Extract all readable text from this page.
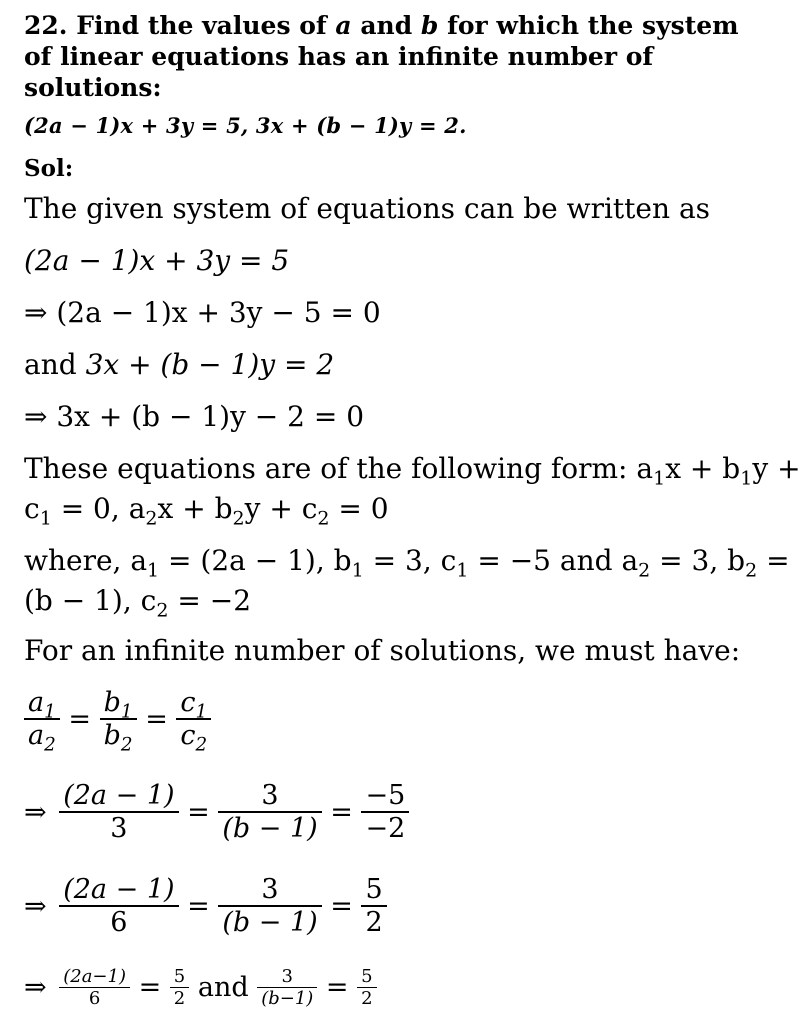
22. Find the values of a and b for which the system of linear equations has an infinite number of solutions:
(2a − 1)x + 3y = 5, 3x + (b − 1)y = 2.
Sol:
The given system of equations can be written as
(2a − 1)x + 3y = 5
⇒ (2a − 1)x + 3y − 5 = 0
and 3x + (b − 1)y = 2
⇒ 3x + (b − 1)y − 2 = 0
These equations are of the following form: $a_1x + b_1y$ +
$c_1 = 0$, $a_2x + b_2y + c_2 = 0$
where, $a_1 = (2a - 1)$, $b_1 = 3$, $c_1 = -5$ and $a_2 = 3$, $b_2$ =
(b − 1), $c_2 = -2$
For an infinite number of solutions, we must have:
$\frac{a_1}{a_2} = \frac{b_1}{b_2} = \frac{c_1}{c_2}$
⇒ $\frac{(2a - 1)}{3} = \frac{3}{(b - 1)} = \frac{-5}{-2}$
⇒ $\frac{(2a - 1)}{6} = \frac{3}{(b - 1)} = \frac{5}{2}$
⇒ $\frac{(2a-1)}{6} = \frac{5}{2}$ and $\frac{3}{(b-1)} = \frac{5}{2}$
